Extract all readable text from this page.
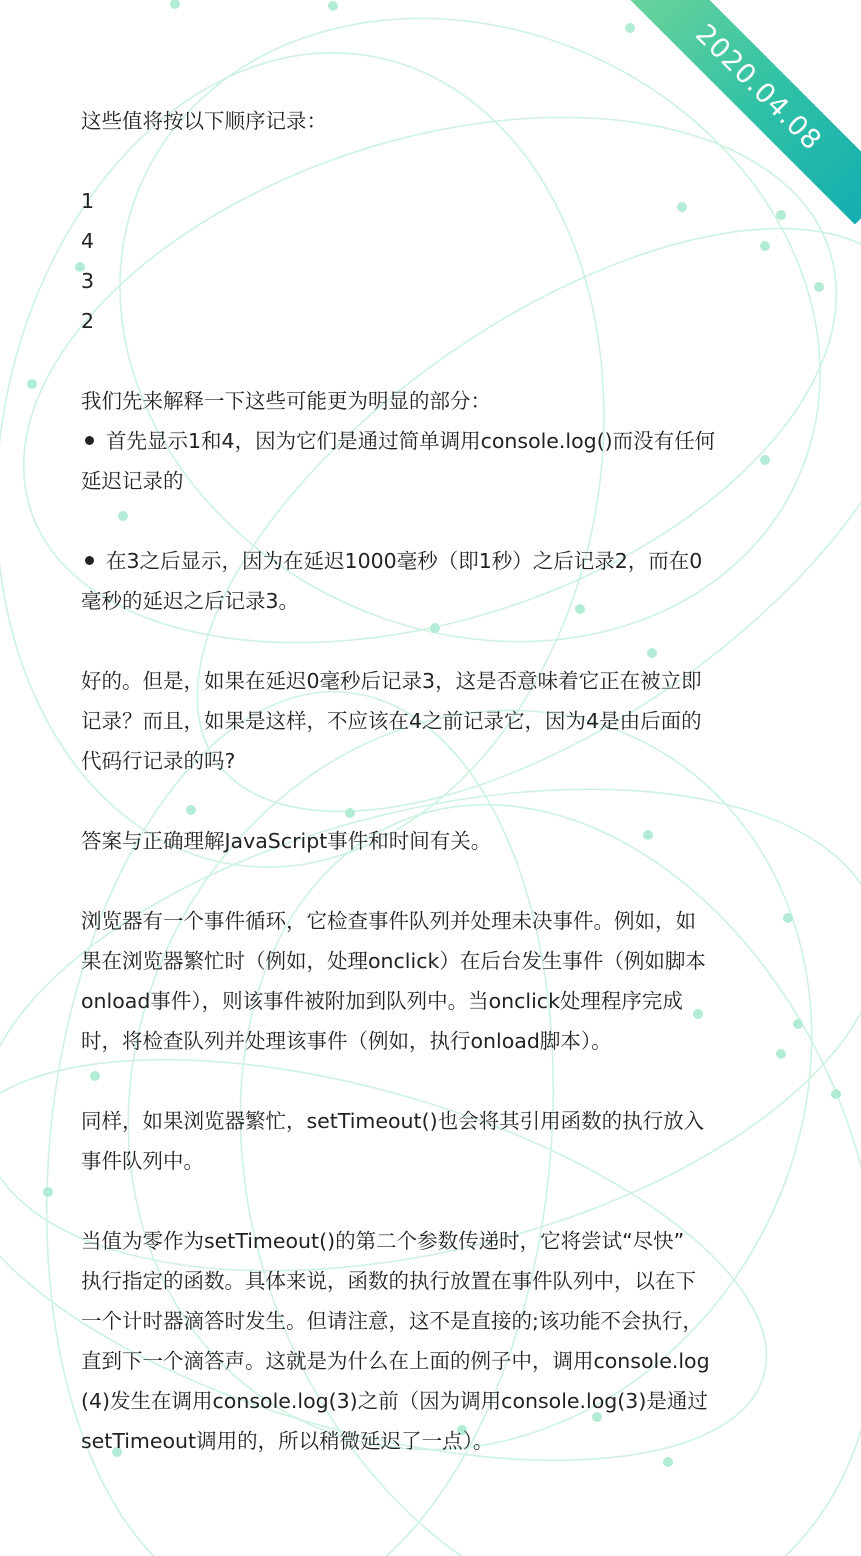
2020.04.08

这些值将按以下顺序记录：

1

4

3

2

我们先来解释一下这些可能更为明显的部分：

首先显示1和4，因为它们是通过简单调用console.log()而没有任何

延迟记录的

在3之后显示，因为在延迟1000毫秒（即1秒）之后记录2，而在0

毫秒的延迟之后记录3。

好的。但是，如果在延迟0毫秒后记录3，这是否意味着它正在被立即

记录？而且，如果是这样，不应该在4之前记录它，因为4是由后面的

代码行记录的吗?

答案与正确理解JavaScript事件和时间有关。

浏览器有一个事件循环，它检查事件队列并处理未决事件。例如，如

果在浏览器繁忙时（例如，处理onclick）在后台发生事件（例如脚本

onload事件），则该事件被附加到队列中。当onclick处理程序完成

时，将检查队列并处理该事件（例如，执行onload脚本）。

同样，如果浏览器繁忙，setTimeout()也会将其引用函数的执行放入

事件队列中。

当值为零作为setTimeout()的第二个参数传递时，它将尝试“尽快”

执行指定的函数。具体来说，函数的执行放置在事件队列中，以在下

一个计时器滴答时发生。但请注意，这不是直接的;该功能不会执行，

直到下一个滴答声。这就是为什么在上面的例子中，调用console.log

(4)发生在调用console.log(3)之前（因为调用console.log(3)是通过

setTimeout调用的，所以稍微延迟了一点）。
